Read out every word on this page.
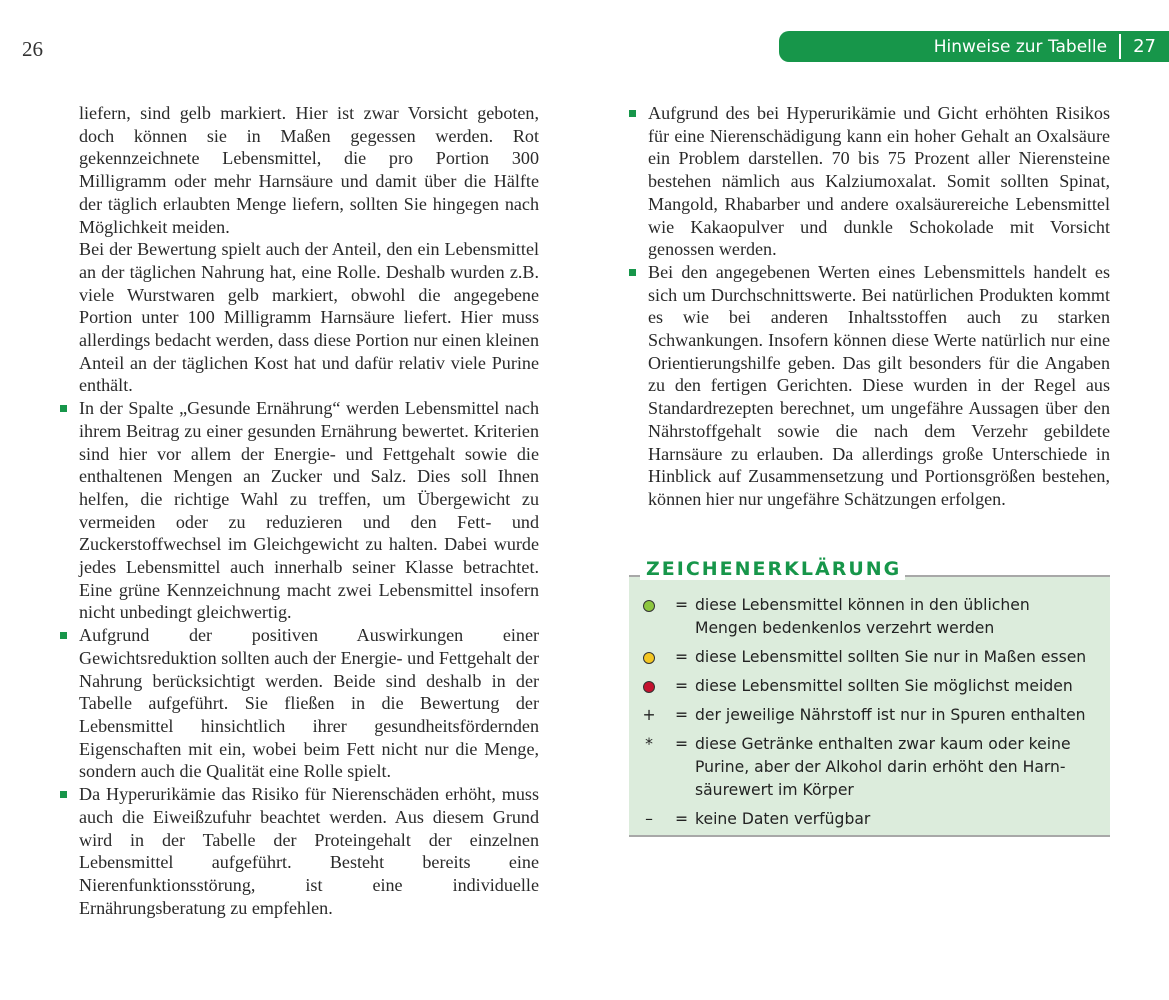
26	Hinweise zur Tabelle 27

liefern, sind gelb markiert. Hier ist zwar Vorsicht geboten, doch können sie in Maßen gegessen werden. Rot gekennzeichnete Lebensmittel, die pro Portion 300 Milligramm oder mehr Harnsäure und damit über die Hälfte der täglich erlaubten Menge liefern, sollten Sie hingegen nach Möglichkeit meiden.

Bei der Bewertung spielt auch der Anteil, den ein Lebensmittel an der täglichen Nahrung hat, eine Rolle. Deshalb wurden z.B. viele Wurstwaren gelb markiert, obwohl die angegebene Portion unter 100 Milligramm Harnsäure liefert. Hier muss allerdings bedacht werden, dass diese Portion nur einen kleinen Anteil an der täglichen Kost hat und dafür relativ viele Purine enthält.

In der Spalte „Gesunde Ernährung“ werden Lebensmittel nach ihrem Beitrag zu einer gesunden Ernährung bewertet. Kriterien sind hier vor allem der Energie- und Fettgehalt sowie die enthaltenen Mengen an Zucker und Salz. Dies soll Ihnen helfen, die richtige Wahl zu treffen, um Übergewicht zu vermeiden oder zu reduzieren und den Fett- und Zuckerstoffwechsel im Gleichgewicht zu halten. Dabei wurde jedes Lebensmittel auch innerhalb seiner Klasse betrachtet. Eine grüne Kennzeichnung macht zwei Lebensmittel insofern nicht unbedingt gleichwertig.

Aufgrund der positiven Auswirkungen einer Gewichtsreduktion sollten auch der Energie- und Fettgehalt der Nahrung berücksichtigt werden. Beide sind deshalb in der Tabelle aufgeführt. Sie fließen in die Bewertung der Lebensmittel hinsichtlich ihrer gesundheitsfördernden Eigenschaften mit ein, wobei beim Fett nicht nur die Menge, sondern auch die Qualität eine Rolle spielt.

Da Hyperurikämie das Risiko für Nierenschäden erhöht, muss auch die Eiweißzufuhr beachtet werden. Aus diesem Grund wird in der Tabelle der Proteingehalt der einzelnen Lebensmittel aufgeführt. Besteht bereits eine Nierenfunktionsstörung, ist eine individuelle Ernährungsberatung zu empfehlen.

Aufgrund des bei Hyperurikämie und Gicht erhöhten Risikos für eine Nierenschädigung kann ein hoher Gehalt an Oxalsäure ein Problem darstellen. 70 bis 75 Prozent aller Nierensteine bestehen nämlich aus Kalziumoxalat. Somit sollten Spinat, Mangold, Rhabarber und andere oxalsäurereiche Lebensmittel wie Kakaopulver und dunkle Schokolade mit Vorsicht genossen werden.

Bei den angegebenen Werten eines Lebensmittels handelt es sich um Durchschnittswerte. Bei natürlichen Produkten kommt es wie bei anderen Inhaltsstoffen auch zu starken Schwankungen. Insofern können diese Werte natürlich nur eine Orientierungshilfe geben. Das gilt besonders für die Angaben zu den fertigen Gerichten. Diese wurden in der Regel aus Standardrezepten berechnet, um ungefähre Aussagen über den Nährstoffgehalt sowie die nach dem Verzehr gebildete Harnsäure zu erlauben. Da allerdings große Unterschiede in Hinblick auf Zusammensetzung und Portionsgrößen bestehen, können hier nur ungefähre Schätzungen erfolgen.

ZEICHENERKLÄRUNG
= diese Lebensmittel können in den üblichen
Mengen bedenkenlos verzehrt werden
= diese Lebensmittel sollten Sie nur in Maßen essen
= diese Lebensmittel sollten Sie möglichst meiden
+ = der jeweilige Nährstoff ist nur in Spuren enthalten
* = diese Getränke enthalten zwar kaum oder keine
Purine, aber der Alkohol darin erhöht den Harn-
säurewert im Körper
– = keine Daten verfügbar
